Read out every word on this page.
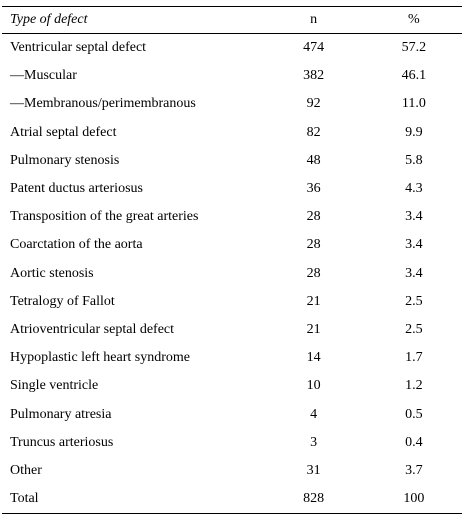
Type of defect	n	%
Ventricular septal defect	474	57.2
—Muscular	382	46.1
—Membranous/perimembranous	92	11.0
Atrial septal defect	82	9.9
Pulmonary stenosis	48	5.8
Patent ductus arteriosus	36	4.3
Transposition of the great arteries	28	3.4
Coarctation of the aorta	28	3.4
Aortic stenosis	28	3.4
Tetralogy of Fallot	21	2.5
Atrioventricular septal defect	21	2.5
Hypoplastic left heart syndrome	14	1.7
Single ventricle	10	1.2
Pulmonary atresia	4	0.5
Truncus arteriosus	3	0.4
Other	31	3.7
Total	828	100
